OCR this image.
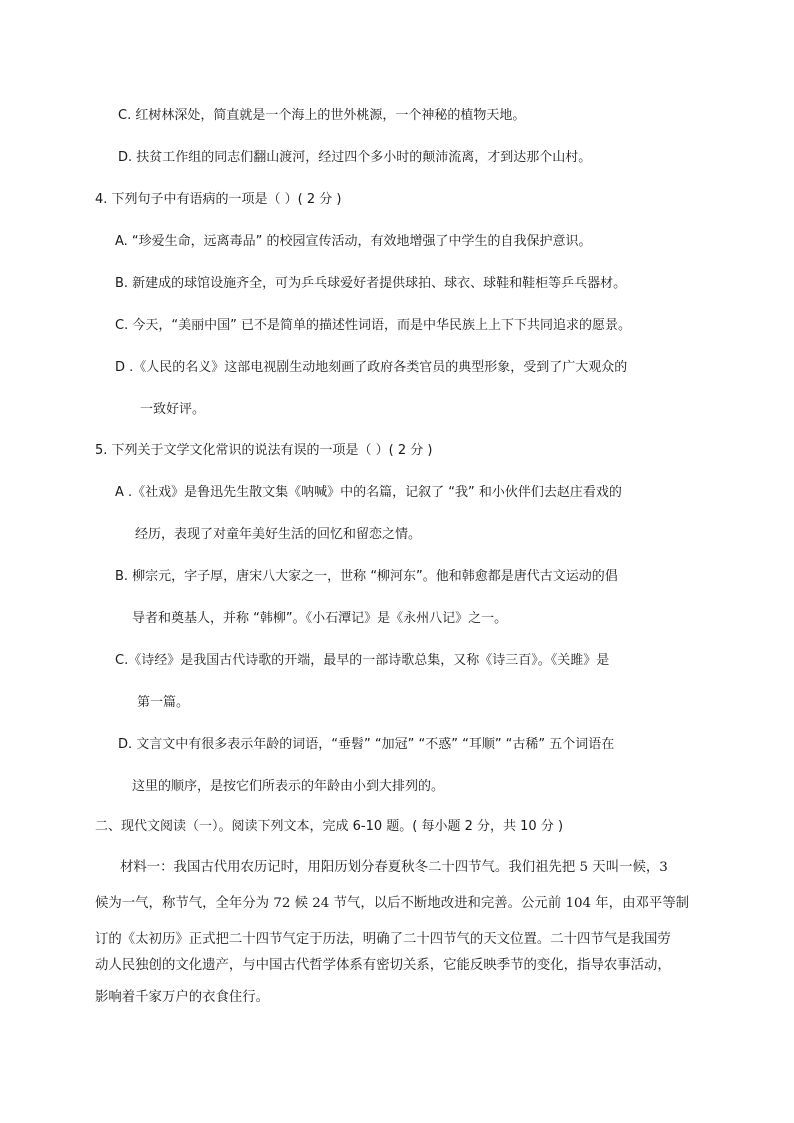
C. 红树林深处，简直就是一个海上的世外桃源，一个神秘的植物天地。
D. 扶贫工作组的同志们翻山渡河，经过四个多小时的颠沛流离，才到达那个山村。
4. 下列句子中有语病的一项是（ ）( 2 分 )
A. “珍爱生命，远离毒品” 的校园宣传活动，有效地增强了中学生的自我保护意识。
B. 新建成的球馆设施齐全，可为乒乓球爱好者提供球拍、球衣、球鞋和鞋柜等乒乓器材。
C. 今天，“美丽中国” 已不是简单的描述性词语，而是中华民族上上下下共同追求的愿景。
D .《人民的名义》这部电视剧生动地刻画了政府各类官员的典型形象，受到了广大观众的
一致好评。
5. 下列关于文学文化常识的说法有误的一项是（ ）( 2 分 )
A .《社戏》是鲁迅先生散文集《呐喊》中的名篇，记叙了 “我” 和小伙伴们去赵庄看戏的
经历，表现了对童年美好生活的回忆和留恋之情。
B. 柳宗元，字子厚，唐宋八大家之一，世称 “柳河东”。他和韩愈都是唐代古文运动的倡
导者和奠基人，并称 “韩柳”。《小石潭记》是《永州八记》之一。
C.《诗经》是我国古代诗歌的开端，最早的一部诗歌总集，又称《诗三百》。《关雎》是
第一篇。
D. 文言文中有很多表示年龄的词语，“垂髫” “加冠” “不惑” “耳顺” “古稀” 五个词语在
这里的顺序，是按它们所表示的年龄由小到大排列的。
二、现代文阅读（一）。阅读下列文本，完成 6-10 题。( 每小题 2 分，共 10 分 )
材料一：我国古代用农历记时，用阳历划分春夏秋冬二十四节气。我们祖先把 5 天叫一候，3
候为一气，称节气，全年分为 72 候 24 节气，以后不断地改进和完善。公元前 104 年，由邓平等制
订的《太初历》正式把二十四节气定于历法，明确了二十四节气的天文位置。二十四节气是我国劳
动人民独创的文化遗产，与中国古代哲学体系有密切关系，它能反映季节的变化，指导农事活动，
影响着千家万户的衣食住行。
